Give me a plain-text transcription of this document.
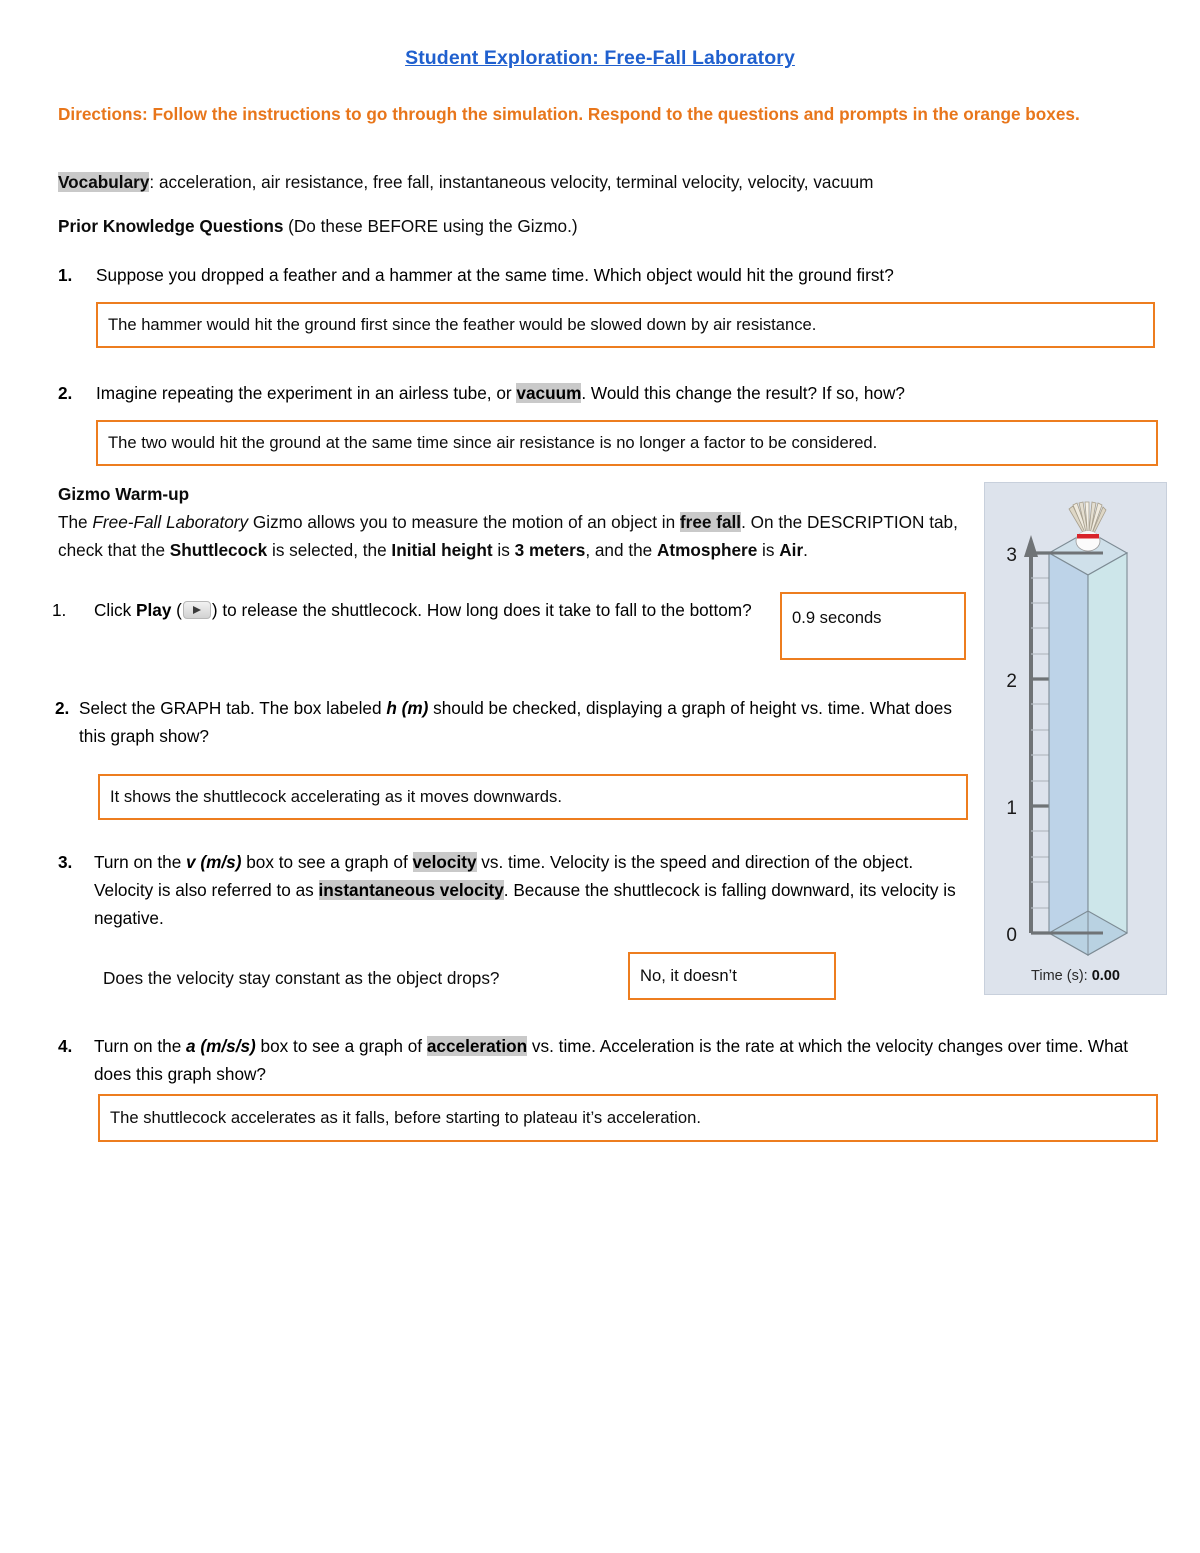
Student Exploration: Free-Fall Laboratory
Directions: Follow the instructions to go through the simulation. Respond to the questions and prompts in the orange boxes.
Vocabulary: acceleration, air resistance, free fall, instantaneous velocity, terminal velocity, velocity, vacuum
Prior Knowledge Questions (Do these BEFORE using the Gizmo.)
1.	Suppose you dropped a feather and a hammer at the same time. Which object would hit the ground first?
The hammer would hit the ground first since the feather would be slowed down by air resistance.
2.	Imagine repeating the experiment in an airless tube, or vacuum. Would this change the result? If so, how?
The two would hit the ground at the same time since air resistance is no longer a factor to be considered.
Gizmo Warm-up
The Free-Fall Laboratory Gizmo allows you to measure the motion of an object in free fall. On the DESCRIPTION tab, check that the Shuttlecock is selected, the Initial height is 3 meters, and the Atmosphere is Air.
1.	Click Play ( ) to release the shuttlecock. How long does it take to fall to the bottom?	0.9 seconds
2. Select the GRAPH tab. The box labeled h (m) should be checked, displaying a graph of height vs. time. What does this graph show?
It shows the shuttlecock accelerating as it moves downwards.
3.	Turn on the v (m/s) box to see a graph of velocity vs. time. Velocity is the speed and direction of the object. Velocity is also referred to as instantaneous velocity. Because the shuttlecock is falling downward, its velocity is negative.
Does the velocity stay constant as the object drops?	No, it doesn’t
4.	Turn on the a (m/s/s) box to see a graph of acceleration vs. time. Acceleration is the rate at which the velocity changes over time. What does this graph show?
The shuttlecock accelerates as it falls, before starting to plateau it’s acceleration.
3
2
1
0
Time (s): 0.00
